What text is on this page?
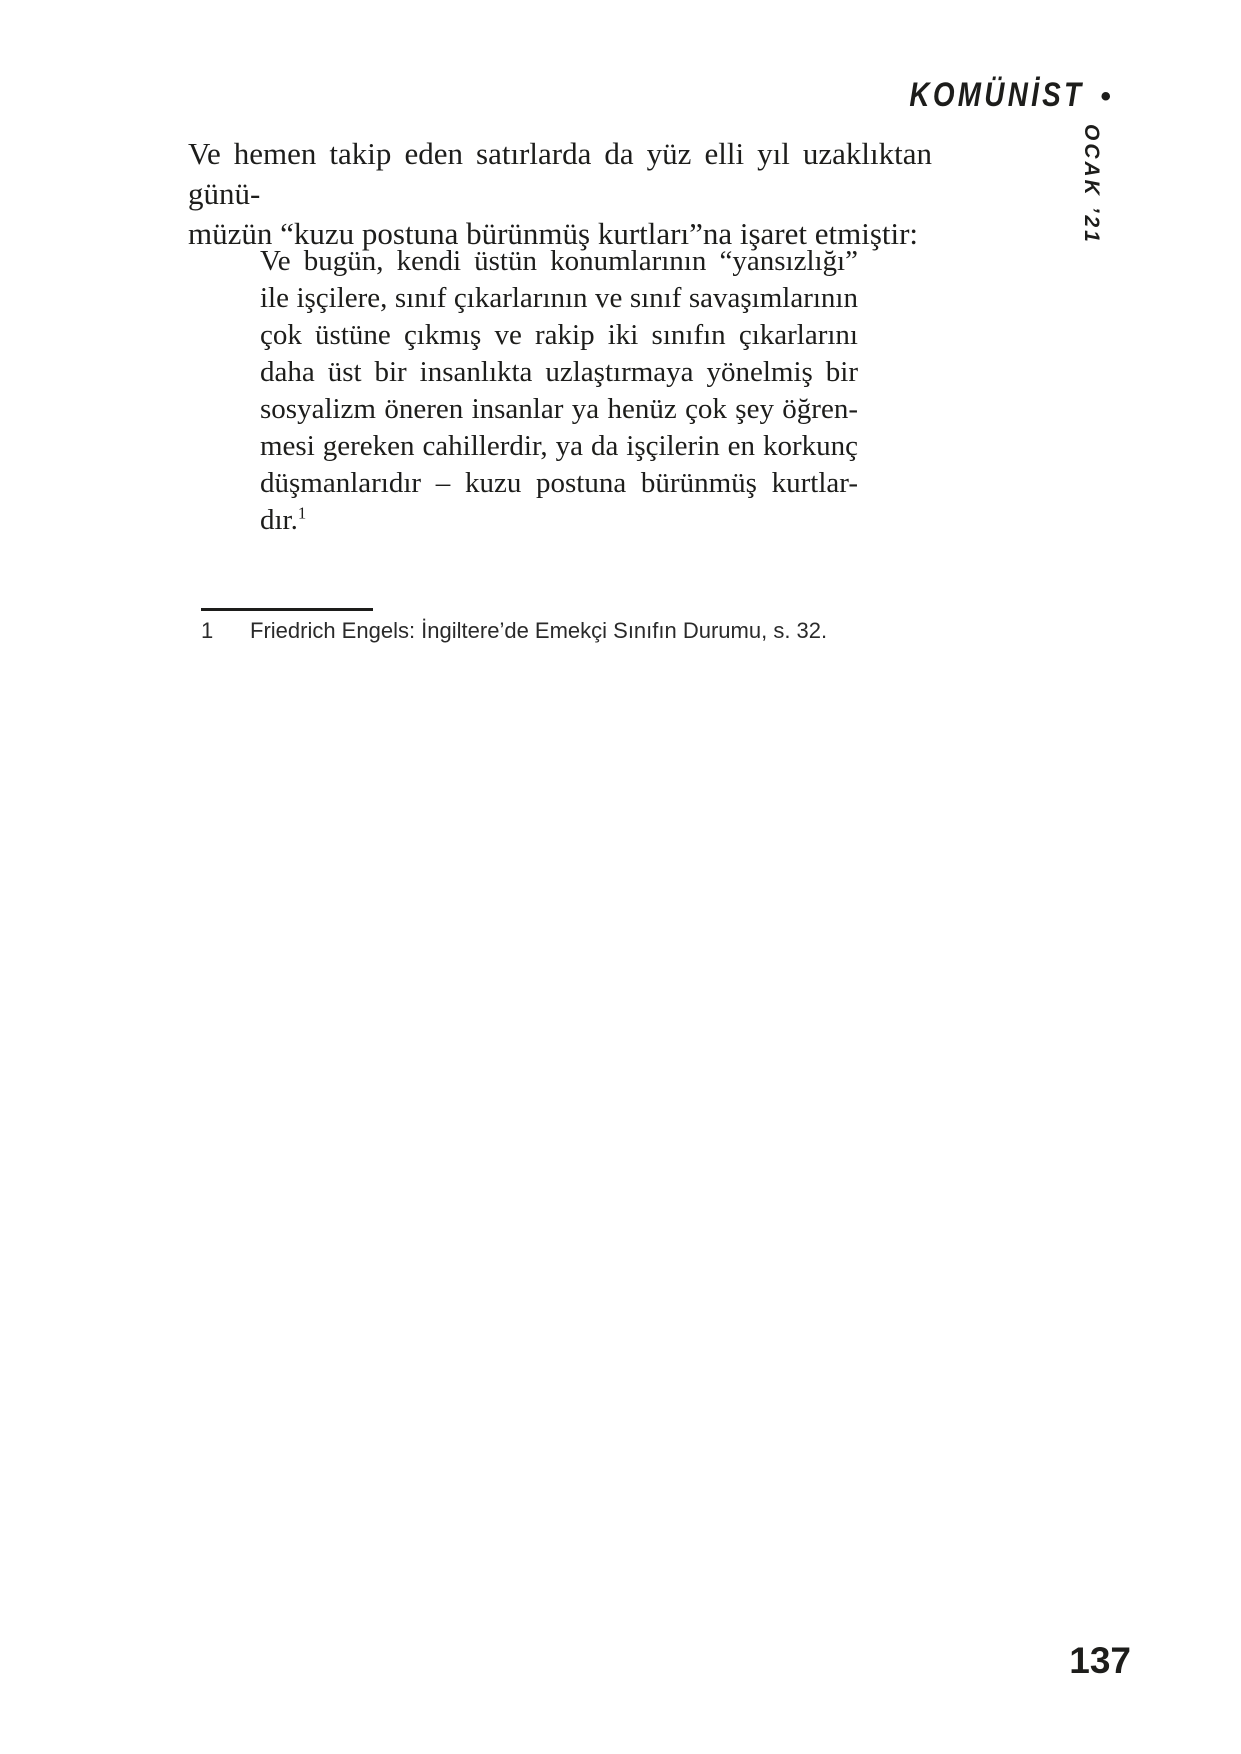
KOMÜNİST •
OCAK ’21

Ve hemen takip eden satırlarda da yüz elli yıl uzaklıktan günü-
müzün “kuzu postuna bürünmüş kurtları”na işaret etmiştir:

Ve bugün, kendi üstün konumlarının “yansızlığı”
ile işçilere, sınıf çıkarlarının ve sınıf savaşımlarının
çok üstüne çıkmış ve rakip iki sınıfın çıkarlarını
daha üst bir insanlıkta uzlaştırmaya yönelmiş bir
sosyalizm öneren insanlar ya henüz çok şey öğren-
mesi gereken cahillerdir, ya da işçilerin en korkunç
düşmanlarıdır – kuzu postuna bürünmüş kurtlar-
dır.$^1$
1	Friedrich Engels: İngiltere’de Emekçi Sınıfın Durumu, s. 32.
137
